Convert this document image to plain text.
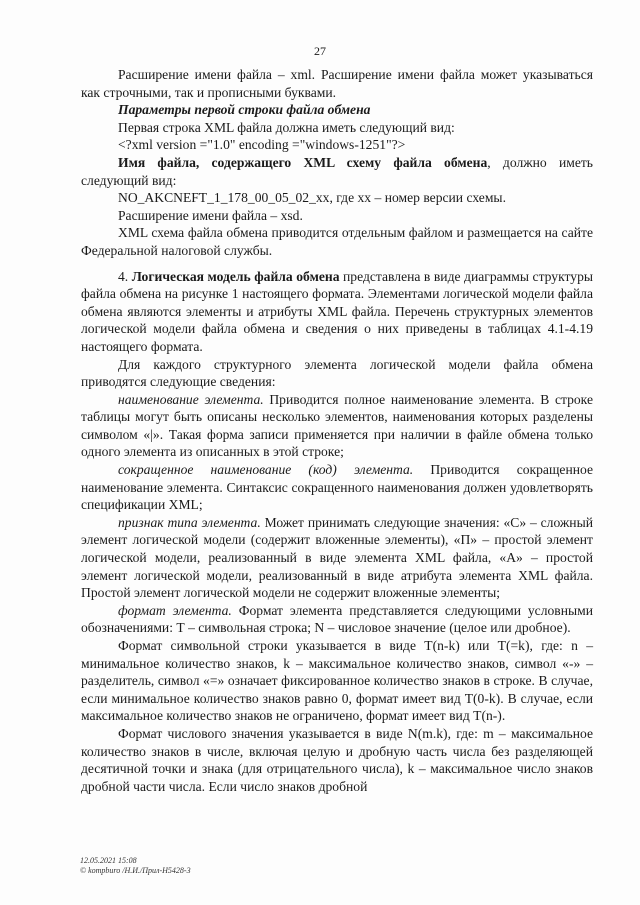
27

Расширение имени файла – xml. Расширение имени файла может указываться как строчными, так и прописными буквами.

Параметры первой строки файла обмена

Первая строка XML файла должна иметь следующий вид:

<?xml version ="1.0" encoding ="windows-1251"?>

Имя файла, содержащего XML схему файла обмена, должно иметь следующий вид:

NO_AKCNEFT_1_178_00_05_02_xx, где хх – номер версии схемы.

Расширение имени файла – xsd.

XML схема файла обмена приводится отдельным файлом и размещается на сайте Федеральной налоговой службы.

4. Логическая модель файла обмена представлена в виде диаграммы структуры файла обмена на рисунке 1 настоящего формата. Элементами логической модели файла обмена являются элементы и атрибуты XML файла. Перечень структурных элементов логической модели файла обмена и сведения о них приведены в таблицах 4.1-4.19 настоящего формата.

Для каждого структурного элемента логической модели файла обмена приводятся следующие сведения:

наименование элемента. Приводится полное наименование элемента. В строке таблицы могут быть описаны несколько элементов, наименования которых разделены символом «|». Такая форма записи применяется при наличии в файле обмена только одного элемента из описанных в этой строке;

сокращенное наименование (код) элемента. Приводится сокращенное наименование элемента. Синтаксис сокращенного наименования должен удовлетворять спецификации XML;

признак типа элемента. Может принимать следующие значения: «С» – сложный элемент логической модели (содержит вложенные элементы), «П» – простой элемент логической модели, реализованный в виде элемента XML файла, «А» – простой элемент логической модели, реализованный в виде атрибута элемента XML файла. Простой элемент логической модели не содержит вложенные элементы;

формат элемента. Формат элемента представляется следующими условными обозначениями: Т – символьная строка; N – числовое значение (целое или дробное).

Формат символьной строки указывается в виде Т(n-k) или Т(=k), где: n – минимальное количество знаков, k – максимальное количество знаков, символ «-» – разделитель, символ «=» означает фиксированное количество знаков в строке. В случае, если минимальное количество знаков равно 0, формат имеет вид Т(0-k). В случае, если максимальное количество знаков не ограничено, формат имеет вид Т(n-).

Формат числового значения указывается в виде N(m.k), где: m – максимальное количество знаков в числе, включая целую и дробную часть числа без разделяющей десятичной точки и знака (для отрицательного числа), k – максимальное число знаков дробной части числа. Если число знаков дробной

12.05.2021 15:08
© kompburo /Н.И./Прил-Н5428-3
